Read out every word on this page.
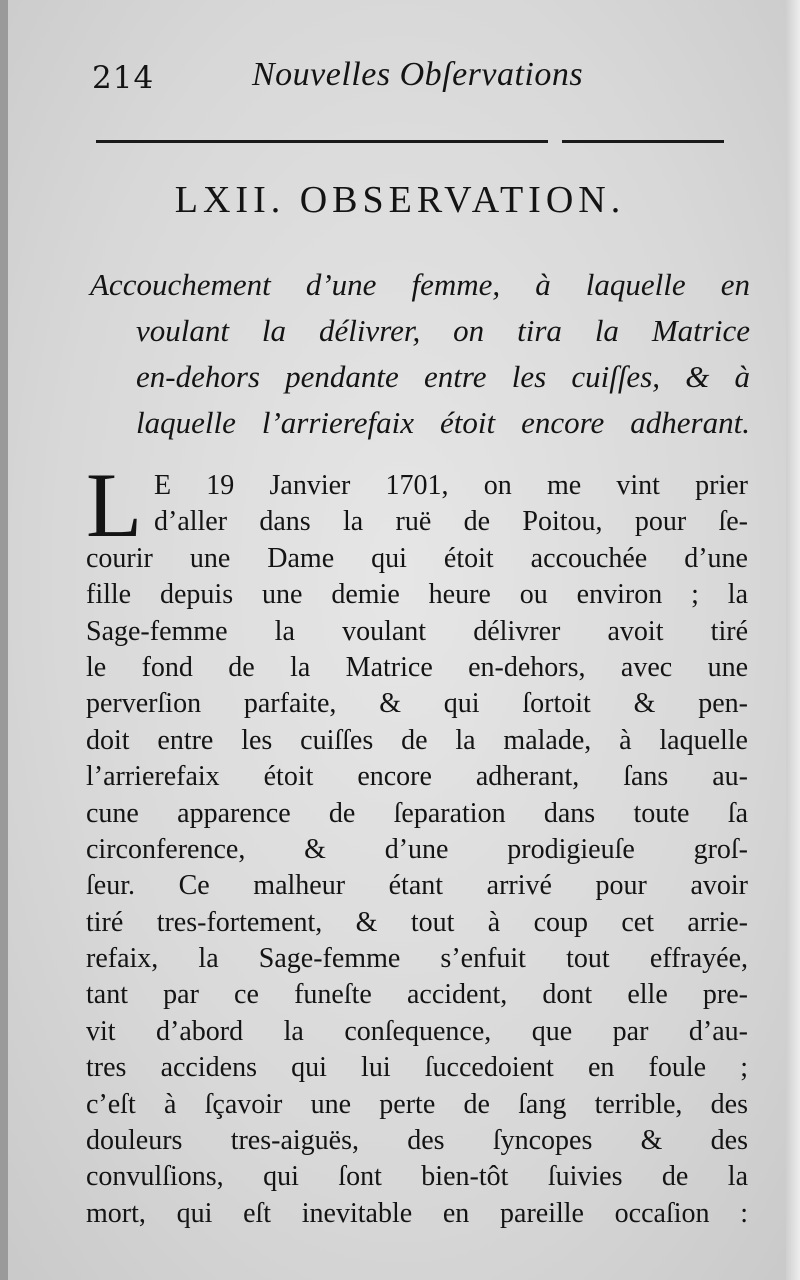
214	Nouvelles Obſervations
LXII. OBSERVATION.
Accouchement d’une femme, à laquelle en
voulant la délivrer, on tira la Matrice
en-dehors pendante entre les cuiſſes, & à
laquelle l’arrierefaix étoit encore adherant.
L E 19 Janvier 1701, on me vint prier
d’aller dans la ruë de Poitou, pour ſe-
courir une Dame qui étoit accouchée d’une
fille depuis une demie heure ou environ ; la
Sage-femme la voulant délivrer avoit tiré
le fond de la Matrice en-dehors, avec une
perverſion parfaite, & qui ſortoit & pen-
doit entre les cuiſſes de la malade, à laquelle
l’arrierefaix étoit encore adherant, ſans au-
cune apparence de ſeparation dans toute ſa
circonference, & d’une prodigieuſe groſ-
ſeur. Ce malheur étant arrivé pour avoir
tiré tres-fortement, & tout à coup cet arrie-
refaix, la Sage-femme s’enfuit tout effrayée,
tant par ce funeſte accident, dont elle pre-
vit d’abord la conſequence, que par d’au-
tres accidens qui lui ſuccedoient en foule ;
c’eſt à ſçavoir une perte de ſang terrible, des
douleurs tres-aiguës, des ſyncopes & des
convulſions, qui ſont bien-tôt ſuivies de la
mort, qui eſt inevitable en pareille occaſion :
